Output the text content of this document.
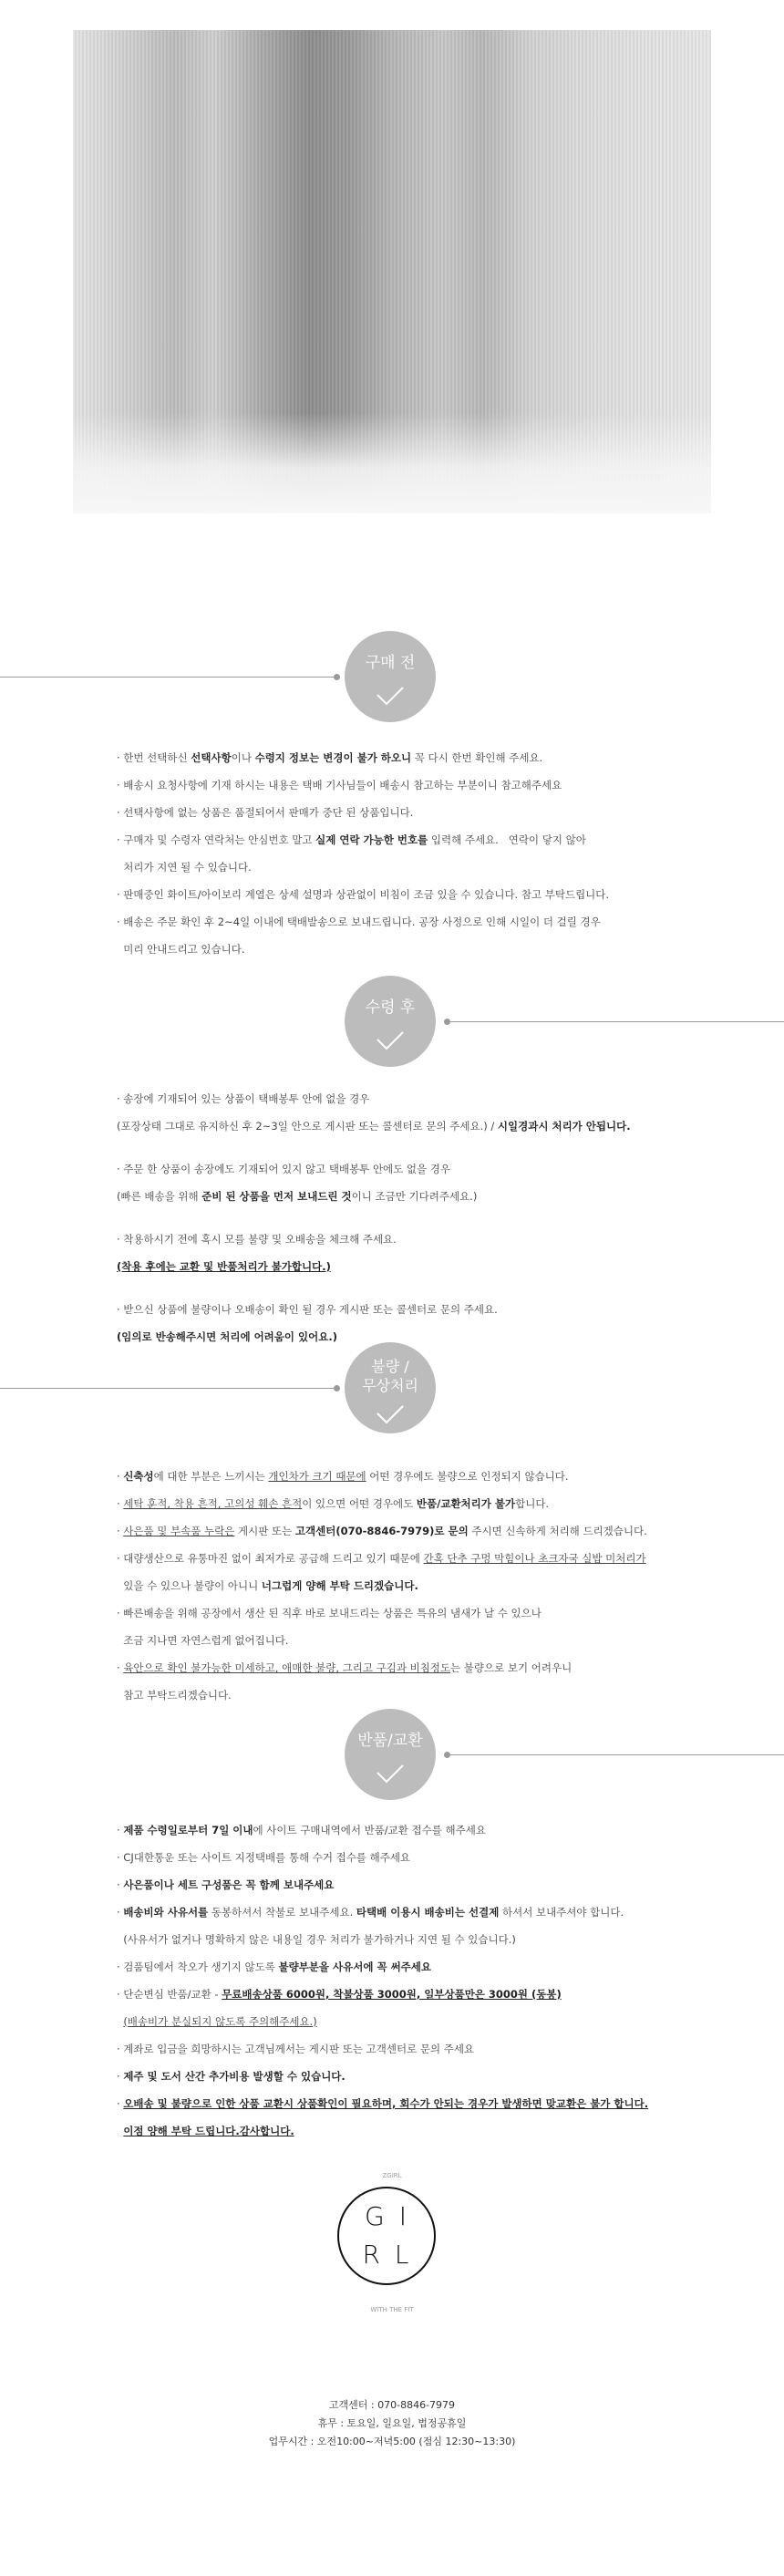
구매 전
· 한번 선택하신 선택사항이나 수령지 정보는 변경이 불가 하오니 꼭 다시 한번 확인해 주세요.
· 배송시 요청사항에 기재 하시는 내용은 택배 기사님들이 배송시 참고하는 부분이니 참고해주세요
· 선택사항에 없는 상품은 품절되어서 판매가 중단 된 상품입니다.
· 구매자 및 수령자 연락처는 안심번호 말고 실제 연락 가능한 번호를 입력해 주세요.   연락이 닿지 않아
처리가 지연 될 수 있습니다.
· 판매중인 화이트/아이보리 계열은 상세 설명과 상관없이 비침이 조금 있을 수 있습니다. 참고 부탁드립니다.
· 배송은 주문 확인 후 2~4일 이내에 택배발송으로 보내드립니다. 공장 사정으로 인해 시일이 더 걸릴 경우
미리 안내드리고 있습니다.
수령 후
· 송장에 기재되어 있는 상품이 택배봉투 안에 없을 경우
(포장상태 그대로 유지하신 후 2~3일 안으로 게시판 또는 콜센터로 문의 주세요.) / 시일경과시 처리가 안됩니다.
· 주문 한 상품이 송장에도 기재되어 있지 않고 택배봉투 안에도 없을 경우
(빠른 배송을 위해 준비 된 상품을 먼저 보내드린 것이니 조금만 기다려주세요.)
· 착용하시기 전에 혹시 모를 불량 및 오배송을 체크해 주세요.
(착용 후에는 교환 및 반품처리가 불가합니다.)
· 받으신 상품에 불량이나 오배송이 확인 될 경우 게시판 또는 콜센터로 문의 주세요.
(임의로 반송해주시면 처리에 어려움이 있어요.)
불량 /
무상처리
· 신축성에 대한 부분은 느끼시는 개인차가 크기 때문에 어떤 경우에도 불량으로 인정되지 않습니다.
· 세탁 훈적, 착용 흔적, 고의성 훼손 흔적이 있으면 어떤 경우에도 반품/교환처리가 불가합니다.
· 사은품 및 부속품 누락은 게시판 또는 고객센터(070-8846-7979)로 문의 주시면 신속하게 처리해 드리겠습니다.
· 대량생산으로 유통마진 없이 최저가로 공급해 드리고 있기 때문에 간혹 단추 구멍 막힘이나 초크자국 실밥 미처리가
있을 수 있으나 불량이 아니니 너그럽게 양해 부탁 드리겠습니다.
· 빠른배송을 위해 공장에서 생산 된 직후 바로 보내드리는 상품은 특유의 냄새가 날 수 있으나
조금 지나면 자연스럽게 없어집니다.
· 육안으로 확인 불가능한 미세하고, 애매한 불량, 그리고 구김과 비침정도는 불량으로 보기 어려우니
참고 부탁드리겠습니다.
반품/교환
· 제품 수령일로부터 7일 이내에 사이트 구매내역에서 반품/교환 접수를 해주세요
· CJ대한통운 또는 사이트 지정택배를 통해 수거 접수를 해주세요
· 사은품이나 세트 구성품은 꼭 함께 보내주세요
· 배송비와 사유서를 동봉하셔서 착불로 보내주세요. 타택배 이용시 배송비는 선결제 하셔서 보내주셔야 합니다.
(사유서가 없거나 명확하지 않은 내용일 경우 처리가 불가하거나 지연 될 수 있습니다.)
· 검품팀에서 착오가 생기지 않도록 불량부분을 사유서에 꼭 써주세요
· 단순변심 반품/교환 - 무료배송상품 6000원, 착불상품 3000원, 일부상품만은 3000원 (동봉)
(배송비가 분실되지 않도록 주의해주세요.)
· 계좌로 입금을 희망하시는 고객님께서는 게시판 또는 고객센터로 문의 주세요
· 제주 및 도서 산간 추가비용 발생할 수 있습니다.
· 오배송 및 불량으로 인한 상품 교환시 상품확인이 필요하며, 회수가 안되는 경우가 발생하면 맞교환은 불가 합니다.
이점 양해 부탁 드립니다.감사합니다.
ZGIRL
GI
RL
WITH THE FIT
고객센터 : 070-8846-7979
휴무 : 토요일, 일요일, 법정공휴일
업무시간 : 오전10:00~저녁5:00 (점심 12:30~13:30)
